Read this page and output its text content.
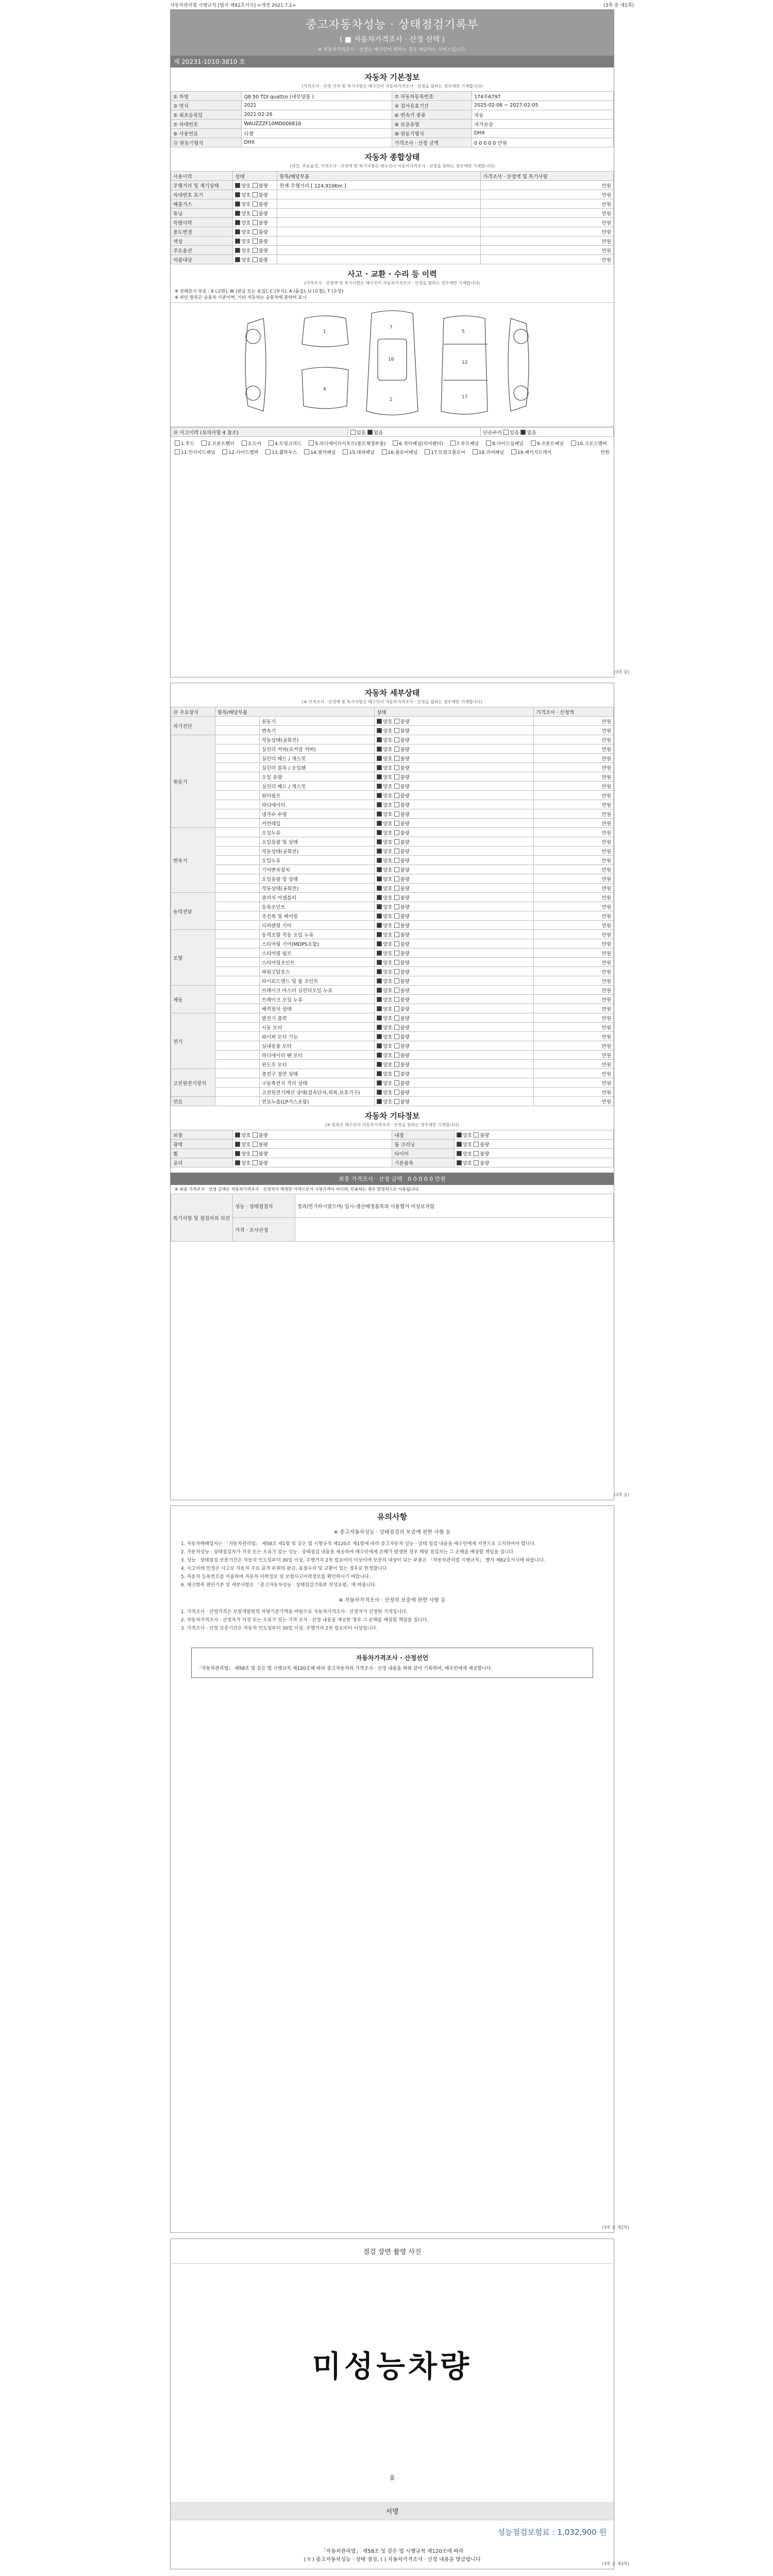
자동차관리법 시행규칙 [별지 제82호서식] <개정 2021.7.1>	(3쪽 중 제1쪽)
중고자동차성능 · 상태점검기록부
( ■ 자동차가격조사 · 산정 선택 )
※ 자동차가격조사 · 산정은 매수인이 원하는 경우 제공하는 서비스입니다.
제 20231-1010-3810 호
자동차 기본정보
(가격조사 · 산정 가격 및 특기사항은 매수인이 자동차가격조사 · 산정을 원하는 경우에만 기재합니다)
① 차명	Q8 50 TDI quattro (네부양물 )	⑦ 자동차등록번호	174루6797
③ 연식	2021	④ 검사유효기간	2025-02-06 ~ 2027-02-05
⑤ 최초등록일	2021-02-26	⑥ 변속기 종류	자동
⑦ 차대번호	WAUZZZF10MD006816	⑧ 보증유형	자가보증
⑨ 사용연료	디젤	⑩ 원동기형식	DHX
⑪ 원동기형식	DHX	가격조사 · 산정 금액	0 0 0 0 0 만원
자동차 종합상태
(색상, 주요옵션, 가격조사 · 산정액 및 특기사항은 매수인이 자동차가격조사 · 산정을 원하는 경우에만 기재합니다)
사용이력	상태	항목/해당부품	가격조사 · 산정액 및 특기사항
주행거리 및 계기상태	양호 불량	현재 주행거리 [ 124,910Km ]	만원
차대번호 표기	양호 불량		만원
배출가스	양호 불량		만원
튜닝	양호 불량		만원
특별이력	양호 불량		만원
용도변경	양호 불량		만원
색상	양호 불량		만원
주요옵션	양호 불량		만원
리콜대상	양호 불량		만원
사고 · 교환 · 수리 등 이력
(가격조사 · 산정액 및 특기사항은 매수인이 자동차가격조사 · 산정을 원하는 경우에만 기재합니다)
※ 상태표시 부호 : X (교환), W (판금 또는 용접), C (부식), A (흠집), U (요철), T (손상)
※ 하단 항목은 승용차 기준이며, 기타 자동차는 승용차에 준하여 표시
1
7
16
5
12
17
4
2
⑱ 사고이력 (유의사항 4 참조)	있음 없음	단순수리 있음 없음
1.후드	2.프론트휀더	3.도어	4.트렁크리드	5.라디에이터서포트(볼트체결부품)	6.쿼터패널(리어펜더)	7.루프패널	8.사이드실패널	9.프론트패널	10.크로스멤버
11.인사이드패널	12.사이드멤버	13.휠하우스	14.필러패널	15.대쉬패널	16.플로어패널	17.트렁크플로어	18.리어패널	19.패키지트레이	만원
(3쪽 중)
자동차 세부상태
(※ 가격조사 · 산정액 및 특기사항은 매수인이 자동차가격조사 · 산정을 원하는 경우에만 기재합니다)
⑲ 주요장치	항목/해당부품		상태	가격조사 · 산정액
자기진단		원동기	양호 불량	만원
		변속기	양호 불량	만원
원동기		작동상태(공회전)	양호 불량	만원
		실린더 커버(로커암 커버)	양호 불량	만원
		실린더 헤드 / 개스킷	양호 불량	만원
		실린더 블록 / 오일팬	양호 불량	만원
		오일 유량	양호 불량	만원
		실린더 헤드 / 개스킷	양호 불량	만원
		워터펌프	양호 불량	만원
		라디에이터	양호 불량	만원
		냉각수 수량	양호 불량	만원
		커먼레일	양호 불량	만원
변속기		오일누유	양호 불량	만원
		오일유량 및 상태	양호 불량	만원
		작동상태(공회전)	양호 불량	만원
		오일누유	양호 불량	만원
		기어변속장치	양호 불량	만원
		오일유량 및 상태	양호 불량	만원
		작동상태(공회전)	양호 불량	만원
동력전달		클러치 어셈블리	양호 불량	만원
		등속조인트	양호 불량	만원
		추진축 및 베어링	양호 불량	만원
		디퍼렌셜 기어	양호 불량	만원
조향		동력조향 작동 오일 누유	양호 불량	만원
		스티어링 기어(MDPS포함)	양호 불량	만원
		스티어링 펌프	양호 불량	만원
		스티어링조인트	양호 불량	만원
		파워고압호스	양호 불량	만원
		타이로드엔드 및 볼 조인트	양호 불량	만원
제동		브레이크 마스터 실린더오일 누유	양호 불량	만원
		브레이크 오일 누유	양호 불량	만원
		배력장치 상태	양호 불량	만원
전기		발전기 출력	양호 불량	만원
		시동 모터	양호 불량	만원
		와이퍼 모터 기능	양호 불량	만원
		실내송풍 모터	양호 불량	만원
		라디에이터 팬 모터	양호 불량	만원
		윈도우 모터	양호 불량	만원
고전원전기장치		충전구 절연 상태	양호 불량	만원
		구동축전지 격리 상태	양호 불량	만원
		고전원전기배선 상태(접속단자,피복,보호기구)	양호 불량	만원
연료		연료누출(LP가스포함)	양호 불량	만원
자동차 기타정보
(※ 항목은 매수인이 자동차가격조사 · 산정을 원하는 경우에만 기재합니다)
외장	양호 불량	내장	양호 불량
광택	양호 불량	룸 크리닝	양호 불량
휠	양호 불량	타이어	양호 불량
유리	양호 불량	기본품목	양호 불량
최종 가격조사 · 산정 금액 0 0 0 0 0 만원
※ 최종 가격조사 · 산정 금액은 자동차가격조사 · 산정자가 책정한 가격으로서 시장가격이 아니며, 인용하는 경우 한정적으로 사용됩니다.
특기사항 및 점검자의 의견	성능 · 상태점검자	경과/연기하시였으며/ 입시-생산배정품목의 사용했거 미상보자함
	가격 · 조사산정	
(3쪽 중)
유의사항

※ 중고자동차성능 · 상태점검의 보증에 관한 사항 등

1. 자동차매매업자는 「자동차관리법」 제58조 제1항 및 같은 법 시행규칙 제120조 제1항에 따라 중고자동차 성능 · 상태 점검 내용을 매수인에게 서면으로 고지하여야 합니다.

2. 자동차성능 · 상태점검자가 거짓 또는 오류가 있는 성능 · 상태점검 내용을 제공하여 매수인에게 손해가 발생한 경우 해당 점검자는 그 손해를 배상할 책임을 집니다.

3. 성능 · 상태점검 보증기간은 자동차 인도일부터 30일 이상, 주행거리 2천 킬로미터 이상이며 보증의 대상이 되는 부품은 「자동차관리법 시행규칙」 별지 제82호서식에 따릅니다.

4. 사고이력 인정은 사고로 자동차 주요 골격 부위의 판금, 용접수리 및 교환이 있는 경우로 한정합니다.

5. 자동차 등록번호를 이용하여 자동차 이력정보 및 보험사고이력정보를 확인하시기 바랍니다.

6. 체크항목 판단기준 및 세부사항은 「중고자동차성능 · 상태점검기록부 작성요령」에 따릅니다.

※ 자동차가격조사 · 산정의 보증에 관한 사항 등

1. 가격조사 · 산정가격은 보험개발원의 차량기준가액을 바탕으로 자동차가격조사 · 산정자가 산정한 가격입니다.

2. 자동차가격조사 · 산정자가 거짓 또는 오류가 있는 가격 조사 · 산정 내용을 제공한 경우 그 손해를 배상할 책임을 집니다.

3. 가격조사 · 산정 보증기간은 자동차 인도일부터 30일 이상, 주행거리 2천 킬로미터 이상입니다.

자동차가격조사 · 산정선언
「자동차관리법」 제58조 및 같은 법 시행규칙 제120조에 따라 중고자동차의 가격조사 · 산정 내용을 위와 같이 기록하며, 매수인에게 제공합니다.
(3쪽 중 제2쪽)
점검 장면 촬영 사진
미성능차량
품
서명
성능점검보험료 : 1,032,900 원
「자동차관리법」 제58조 및 같은 법 시행규칙 제120조에 따라
( Y ) 중고자동차성능 · 상태 점검, ( ) 자동차가격조사 · 산정 내용을 발급합니다
(3쪽 중 제3쪽)
